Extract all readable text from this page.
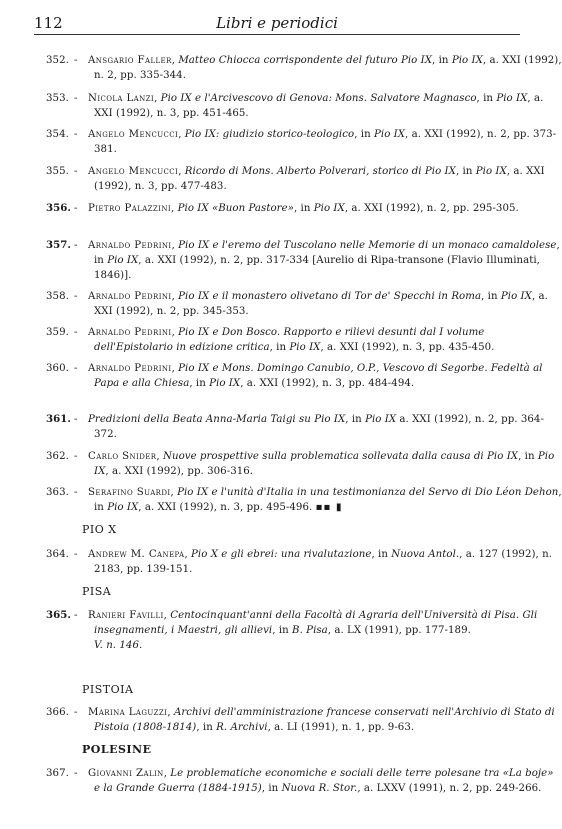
112	Libri e periodici
352. - Ansgario Faller, Matteo Chiocca corrispondente del futuro Pio IX, in Pio IX, a. XXI (1992), n. 2, pp. 335-344.
353. - Nicola Lanzi, Pio IX e l'Arcivescovo di Genova: Mons. Salvatore Magnasco, in Pio IX, a. XXI (1992), n. 3, pp. 451-465.
354. - Angelo Mencucci, Pio IX: giudizio storico-teologico, in Pio IX, a. XXI (1992), n. 2, pp. 373-381.
355. - Angelo Mencucci, Ricordo di Mons. Alberto Polverari, storico di Pio IX, in Pio IX, a. XXI (1992), n. 3, pp. 477-483.
356. - Pietro Palazzini, Pio IX «Buon Pastore», in Pio IX, a. XXI (1992), n. 2, pp. 295-305.
357. - Arnaldo Pedrini, Pio IX e l'eremo del Tuscolano nelle Memorie di un monaco camaldolese, in Pio IX, a. XXI (1992), n. 2, pp. 317-334 [Aurelio di Ripa-transone (Flavio Illuminati, 1846)].
358. - Arnaldo Pedrini, Pio IX e il monastero olivetano di Tor de' Specchi in Roma, in Pio IX, a. XXI (1992), n. 2, pp. 345-353.
359. - Arnaldo Pedrini, Pio IX e Don Bosco. Rapporto e rilievi desunti dal I volume dell'Epistolario in edizione critica, in Pio IX, a. XXI (1992), n. 3, pp. 435-450.
360. - Arnaldo Pedrini, Pio IX e Mons. Domingo Canubio, O.P., Vescovo di Segorbe. Fedeltà al Papa e alla Chiesa, in Pio IX, a. XXI (1992), n. 3, pp. 484-494.
361. - Predizioni della Beata Anna-Maria Taigi su Pio IX, in Pio IX a. XXI (1992), n. 2, pp. 364-372.
362. - Carlo Snider, Nuove prospettive sulla problematica sollevata dalla causa di Pio IX, in Pio IX, a. XXI (1992), pp. 306-316.
363. - Serafino Suardi, Pio IX e l'unità d'Italia in una testimonianza del Servo di Dio Léon Dehon, in Pio IX, a. XXI (1992), n. 3, pp. 495-496. ▪▪ ▮
PIO X
364. - Andrew M. Canepa, Pio X e gli ebrei: una rivalutazione, in Nuova Antol., a. 127 (1992), n. 2183, pp. 139-151.
PISA
365. - Ranieri Favilli, Centocinquant'anni della Facoltà di Agraria dell'Università di Pisa. Gli insegnamenti, i Maestri, gli allievi, in B. Pisa, a. LX (1991), pp. 177-189.
V. n. 146.
PISTOIA
366. - Marina Laguzzi, Archivi dell'amministrazione francese conservati nell'Archivio di Stato di Pistoia (1808-1814), in R. Archivi, a. LI (1991), n. 1, pp. 9-63.
POLESINE
367. - Giovanni Zalin, Le problematiche economiche e sociali delle terre polesane tra «La boje» e la Grande Guerra (1884-1915), in Nuova R. Stor., a. LXXV (1991), n. 2, pp. 249-266.
